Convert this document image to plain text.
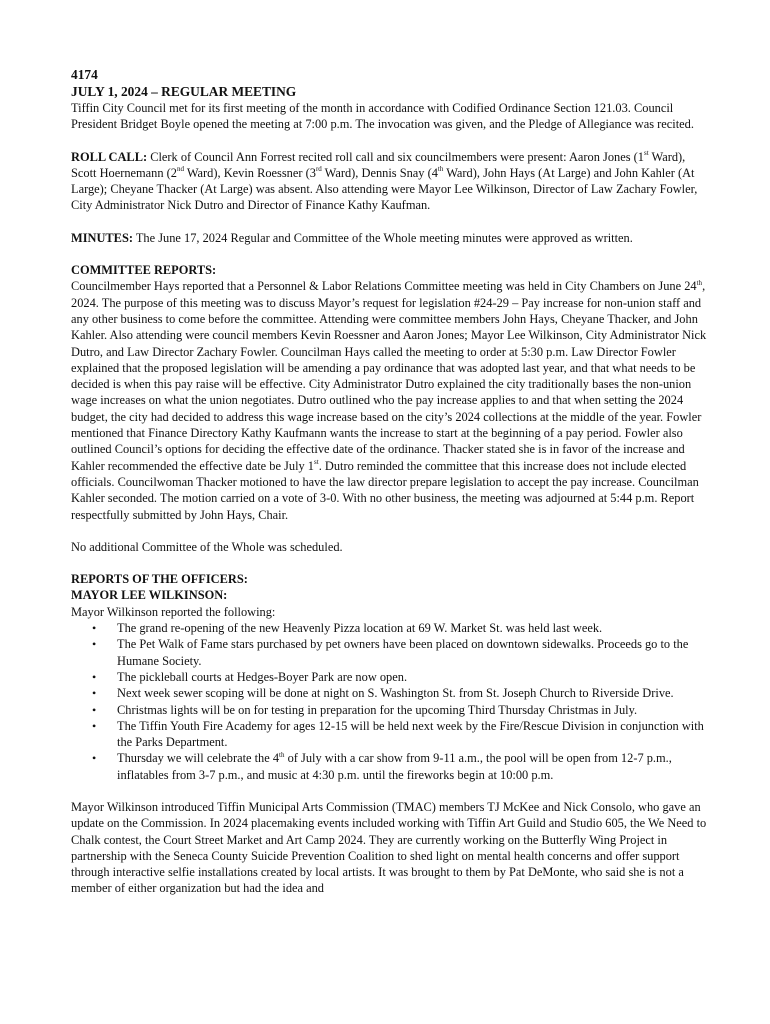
4174
JULY 1, 2024 – REGULAR MEETING

Tiffin City Council met for its first meeting of the month in accordance with Codified Ordinance Section 121.03. Council President Bridget Boyle opened the meeting at 7:00 p.m. The invocation was given, and the Pledge of Allegiance was recited.

ROLL CALL: Clerk of Council Ann Forrest recited roll call and six councilmembers were present: Aaron Jones (1st Ward), Scott Hoernemann (2nd Ward), Kevin Roessner (3rd Ward), Dennis Snay (4th Ward), John Hays (At Large) and John Kahler (At Large); Cheyane Thacker (At Large) was absent. Also attending were Mayor Lee Wilkinson, Director of Law Zachary Fowler, City Administrator Nick Dutro and Director of Finance Kathy Kaufman.

MINUTES: The June 17, 2024 Regular and Committee of the Whole meeting minutes were approved as written.

COMMITTEE REPORTS:

Councilmember Hays reported that a Personnel & Labor Relations Committee meeting was held in City Chambers on June 24th, 2024. The purpose of this meeting was to discuss Mayor’s request for legislation #24-29 – Pay increase for non-union staff and any other business to come before the committee. Attending were committee members John Hays, Cheyane Thacker, and John Kahler. Also attending were council members Kevin Roessner and Aaron Jones; Mayor Lee Wilkinson, City Administrator Nick Dutro, and Law Director Zachary Fowler. Councilman Hays called the meeting to order at 5:30 p.m. Law Director Fowler explained that the proposed legislation will be amending a pay ordinance that was adopted last year, and that what needs to be decided is when this pay raise will be effective. City Administrator Dutro explained the city traditionally bases the non-union wage increases on what the union negotiates. Dutro outlined who the pay increase applies to and that when setting the 2024 budget, the city had decided to address this wage increase based on the city’s 2024 collections at the middle of the year. Fowler mentioned that Finance Directory Kathy Kaufmann wants the increase to start at the beginning of a pay period. Fowler also outlined Council’s options for deciding the effective date of the ordinance. Thacker stated she is in favor of the increase and Kahler recommended the effective date be July 1st. Dutro reminded the committee that this increase does not include elected officials. Councilwoman Thacker motioned to have the law director prepare legislation to accept the pay increase. Councilman Kahler seconded. The motion carried on a vote of 3-0. With no other business, the meeting was adjourned at 5:44 p.m. Report respectfully submitted by John Hays, Chair.

No additional Committee of the Whole was scheduled.

REPORTS OF THE OFFICERS:

MAYOR LEE WILKINSON:

Mayor Wilkinson reported the following:

• The grand re-opening of the new Heavenly Pizza location at 69 W. Market St. was held last week.
• The Pet Walk of Fame stars purchased by pet owners have been placed on downtown sidewalks. Proceeds go to the Humane Society.
• The pickleball courts at Hedges-Boyer Park are now open.
• Next week sewer scoping will be done at night on S. Washington St. from St. Joseph Church to Riverside Drive.
• Christmas lights will be on for testing in preparation for the upcoming Third Thursday Christmas in July.
• The Tiffin Youth Fire Academy for ages 12-15 will be held next week by the Fire/Rescue Division in conjunction with the Parks Department.
• Thursday we will celebrate the 4th of July with a car show from 9-11 a.m., the pool will be open from 12-7 p.m., inflatables from 3-7 p.m., and music at 4:30 p.m. until the fireworks begin at 10:00 p.m.

Mayor Wilkinson introduced Tiffin Municipal Arts Commission (TMAC) members TJ McKee and Nick Consolo, who gave an update on the Commission. In 2024 placemaking events included working with Tiffin Art Guild and Studio 605, the We Need to Chalk contest, the Court Street Market and Art Camp 2024. They are currently working on the Butterfly Wing Project in partnership with the Seneca County Suicide Prevention Coalition to shed light on mental health concerns and offer support through interactive selfie installations created by local artists. It was brought to them by Pat DeMonte, who said she is not a member of either organization but had the idea and
